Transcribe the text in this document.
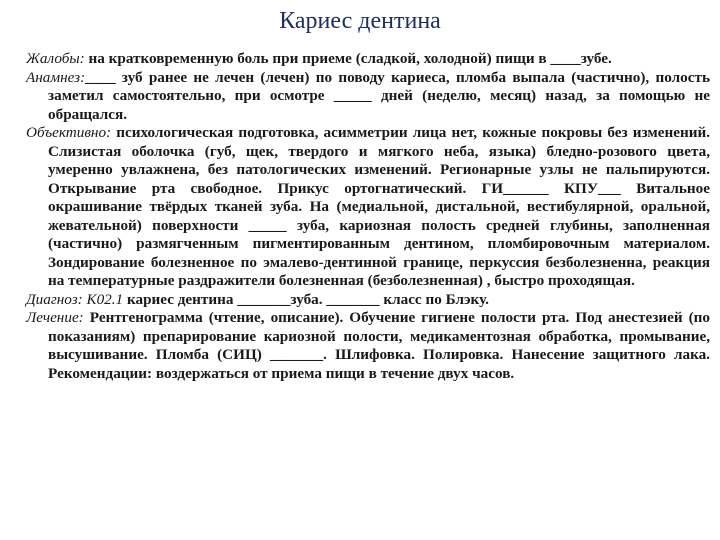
Кариес дентина

Жалобы: на кратковременную боль при приеме (сладкой, холодной) пищи в ____зубе.

Анамнез:____ зуб ранее не лечен (лечен) по поводу кариеса, пломба выпала (частично), полость заметил самостоятельно, при осмотре _____ дней (неделю, месяц) назад, за помощью не обращался.

Объективно: психологическая подготовка, асимметрии лица нет, кожные покровы без изменений. Слизистая оболочка (губ, щек, твердого и мягкого неба, языка) бледно-розового цвета, умеренно увлажнена, без патологических изменений. Регионарные узлы не пальпируются. Открывание рта свободное. Прикус ортогнатический. ГИ______ КПУ___ Витальное окрашивание твёрдых тканей зуба. На (медиальной, дистальной, вестибулярной, оральной, жевательной) поверхности _____ зуба, кариозная полость средней глубины, заполненная (частично) размягченным пигментированным дентином, пломбировочным материалом. Зондирование болезненное по эмалево-дентинной границе, перкуссия безболезненна, реакция на температурные раздражители болезненная (безболезненная) , быстро проходящая.

Диагноз: К02.1 кариес дентина _______зуба. _______ класс по Блэку.

Лечение: Рентгенограмма (чтение, описание). Обучение гигиене полости рта. Под анестезией (по показаниям) препарирование кариозной полости, медикаментозная обработка, промывание, высушивание. Пломба (СИЦ) _______. Шлифовка. Полировка. Нанесение защитного лака. Рекомендации: воздержаться от приема пищи в течение двух часов.
